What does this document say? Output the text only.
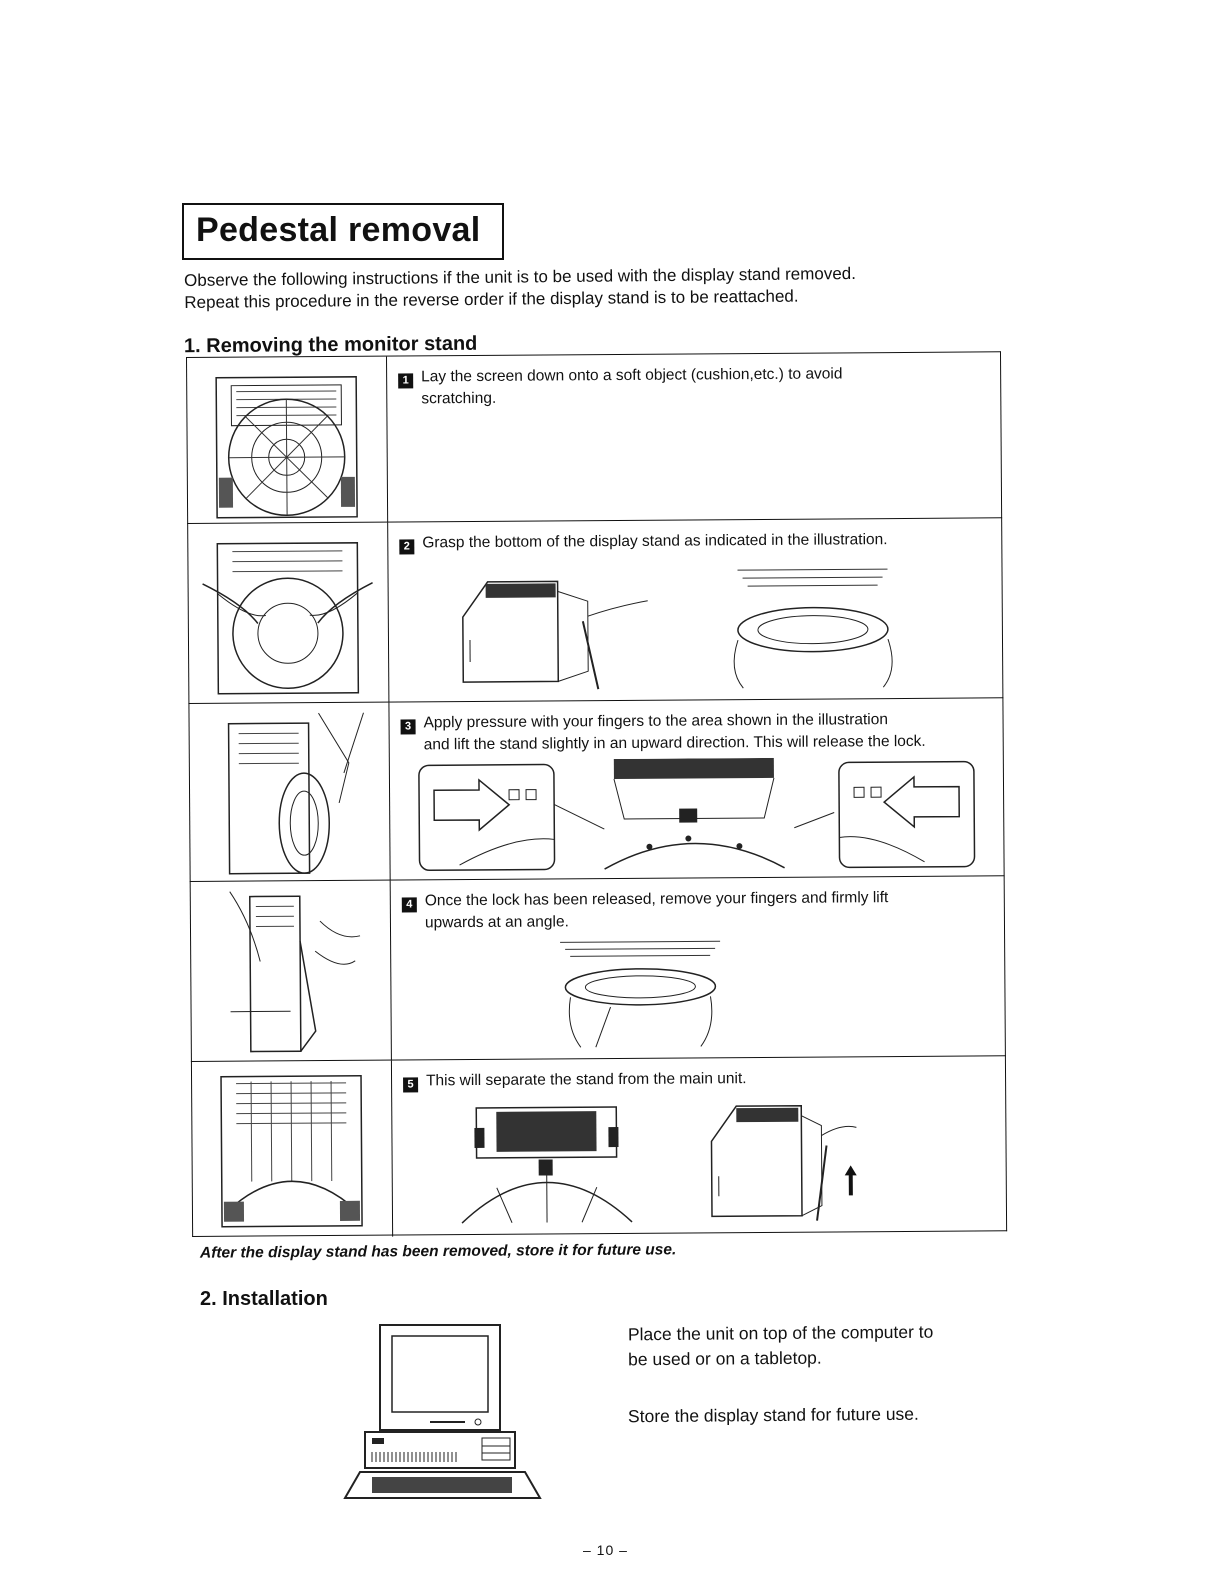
Pedestal removal
Observe the following instructions if the unit is to be used with the display stand removed.
Repeat this procedure in the reverse order if the display stand is to be reattached.
1. Removing the monitor stand
1 Lay the screen down onto a soft object (cushion,etc.) to avoid
scratching.
2 Grasp the bottom of the display stand as indicated in the illustration.
3 Apply pressure with your fingers to the area shown in the illustration
and lift the stand slightly in an upward direction. This will release the lock.
4 Once the lock has been released, remove your fingers and firmly lift
upwards at an angle.
5 This will separate the stand from the main unit.
After the display stand has been removed, store it for future use.
2. Installation
Place the unit on top of the computer to
be used or on a tabletop.
Store the display stand for future use.
– 10 –
